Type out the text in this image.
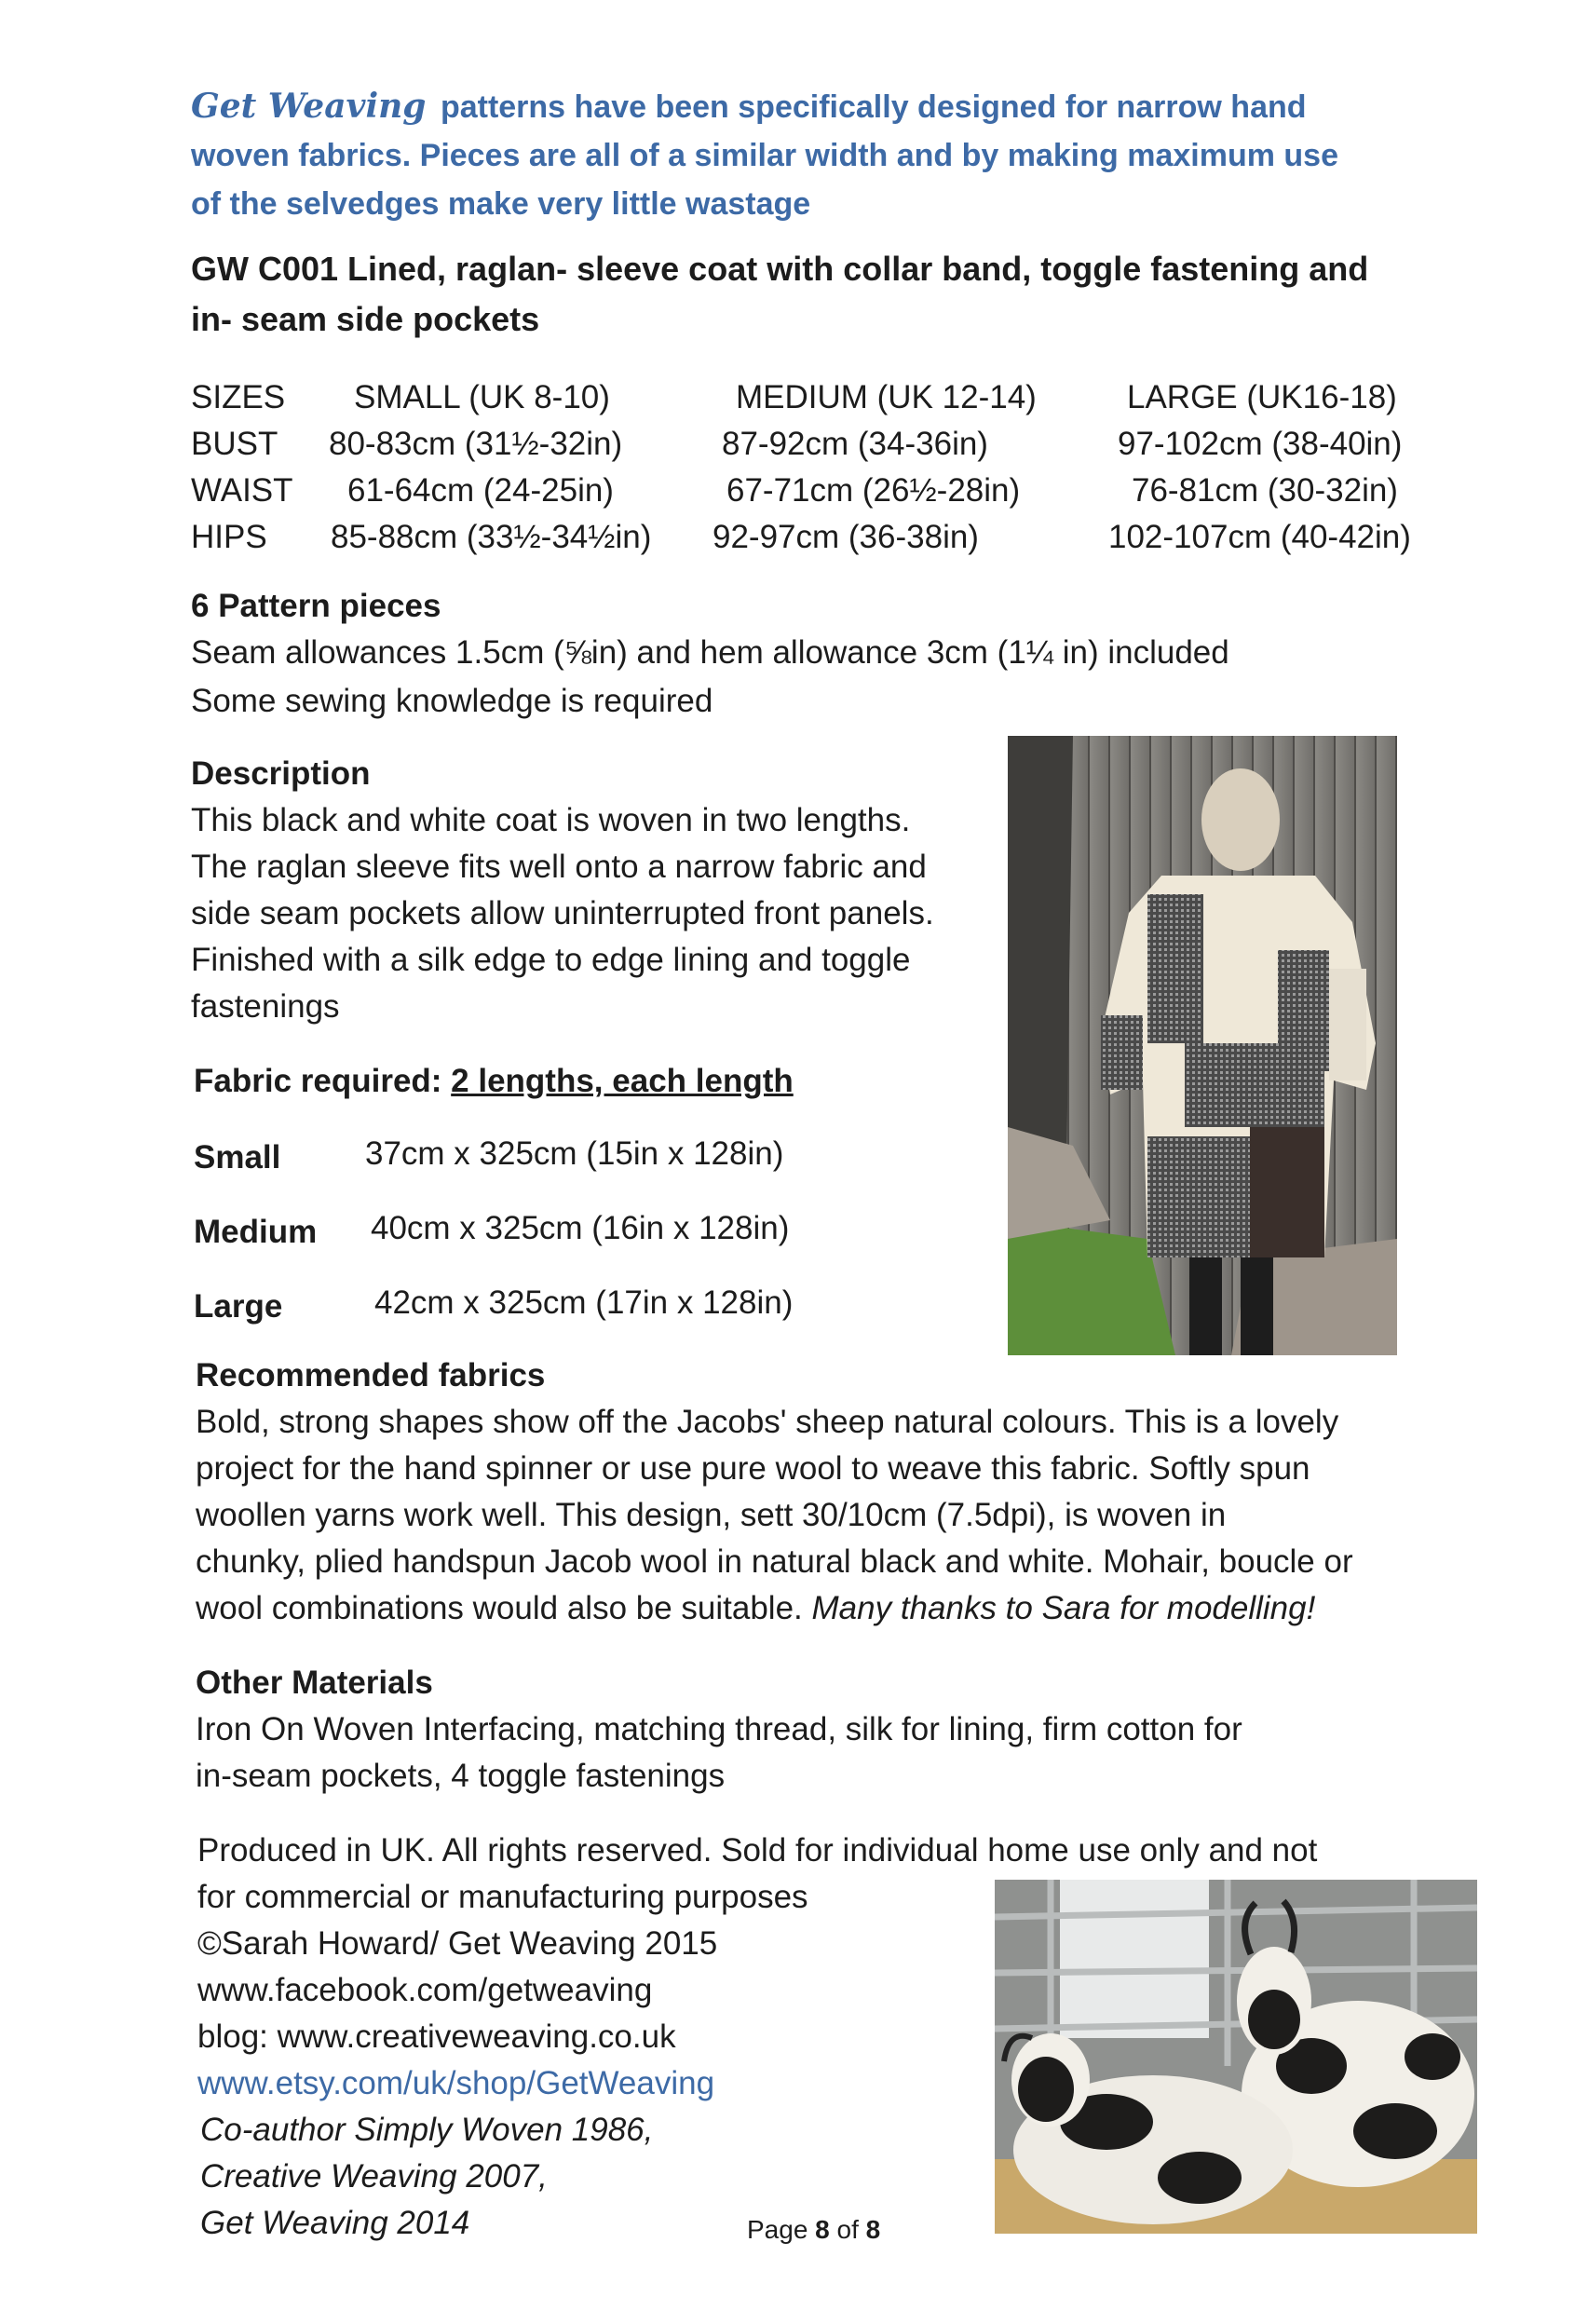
Get Weaving patterns have been specifically designed for narrow hand
woven fabrics. Pieces are all of a similar width and by making maximum use
of the selvedges make very little wastage
GW C001 Lined, raglan- sleeve coat with collar band, toggle fastening and
in- seam side pockets
SIZES	SMALL (UK 8-10)	MEDIUM (UK 12-14)	LARGE (UK16-18)
BUST	80-83cm (31½-32in)	87-92cm (34-36in)	97-102cm (38-40in)
WAIST	61-64cm (24-25in)	67-71cm (26½-28in)	76-81cm (30-32in)
HIPS	85-88cm (33½-34½in)	92-97cm (36-38in)	102-107cm (40-42in)
6 Pattern pieces
Seam allowances 1.5cm (⅝in) and hem allowance 3cm (1¼ in) included
Some sewing knowledge is required
Description
This black and white coat is woven in two lengths.
The raglan sleeve fits well onto a narrow fabric and
side seam pockets allow uninterrupted front panels.
Finished with a silk edge to edge lining and toggle
fastenings
Fabric required: 2 lengths, each length
Small	37cm x 325cm (15in x 128in)
Medium 40cm x 325cm (16in x 128in)
Large	42cm x 325cm (17in x 128in)
Recommended fabrics
Bold, strong shapes show off the Jacobs' sheep natural colours. This is a lovely
project for the hand spinner or use pure wool to weave this fabric. Softly spun
woollen yarns work well. This design, sett 30/10cm (7.5dpi), is woven in
chunky, plied handspun Jacob wool in natural black and white. Mohair, boucle or
wool combinations would also be suitable. Many thanks to Sara for modelling!
Other Materials
Iron On Woven Interfacing, matching thread, silk for lining, firm cotton for
in-seam pockets, 4 toggle fastenings
Produced in UK. All rights reserved. Sold for individual home use only and not
for commercial or manufacturing purposes
©Sarah Howard/ Get Weaving 2015
www.facebook.com/getweaving
blog: www.creativeweaving.co.uk
www.etsy.com/uk/shop/GetWeaving
Co-author Simply Woven 1986,
Creative Weaving 2007,
Get Weaving 2014	Page 8 of 8
